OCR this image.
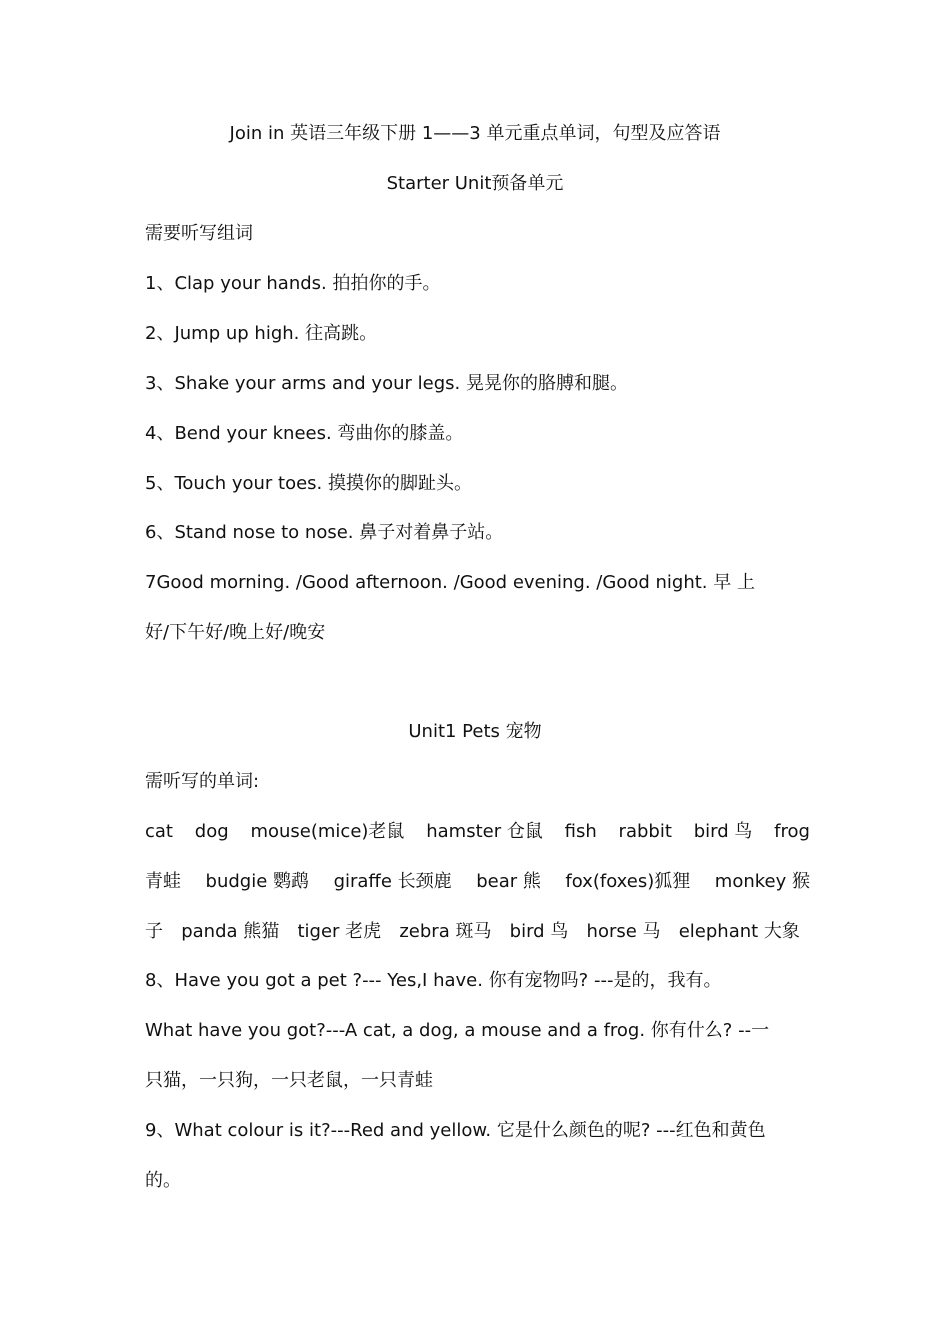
Join in 英语三年级下册 1——3 单元重点单词，句型及应答语
Starter Unit预备单元
需要听写组词
1、Clap your hands. 拍拍你的手。
2、Jump up high. 往高跳。
3、Shake your arms and your legs. 晃晃你的胳膊和腿。
4、Bend your knees. 弯曲你的膝盖。
5、Touch your toes. 摸摸你的脚趾头。
6、Stand nose to nose. 鼻子对着鼻子站。
7Good morning. /Good afternoon. /Good evening. /Good night. 早 上
好/下午好/晚上好/晚安
Unit1 Pets 宠物
需听写的单词:
cat dog mouse(mice)老鼠 hamster 仓鼠 fish rabbit bird 鸟 frog
青蛙 budgie 鹦鹉 giraffe 长颈鹿 bear 熊 fox(foxes)狐狸 monkey 猴
子 panda 熊猫 tiger 老虎 zebra 斑马 bird 鸟 horse 马 elephant 大象
8、Have you got a pet ?--- Yes,I have. 你有宠物吗? ---是的，我有。
What have you got?---A cat, a dog, a mouse and a frog. 你有什么? --一
只猫，一只狗，一只老鼠，一只青蛙
9、What colour is it?---Red and yellow. 它是什么颜色的呢? ---红色和黄色
的。
